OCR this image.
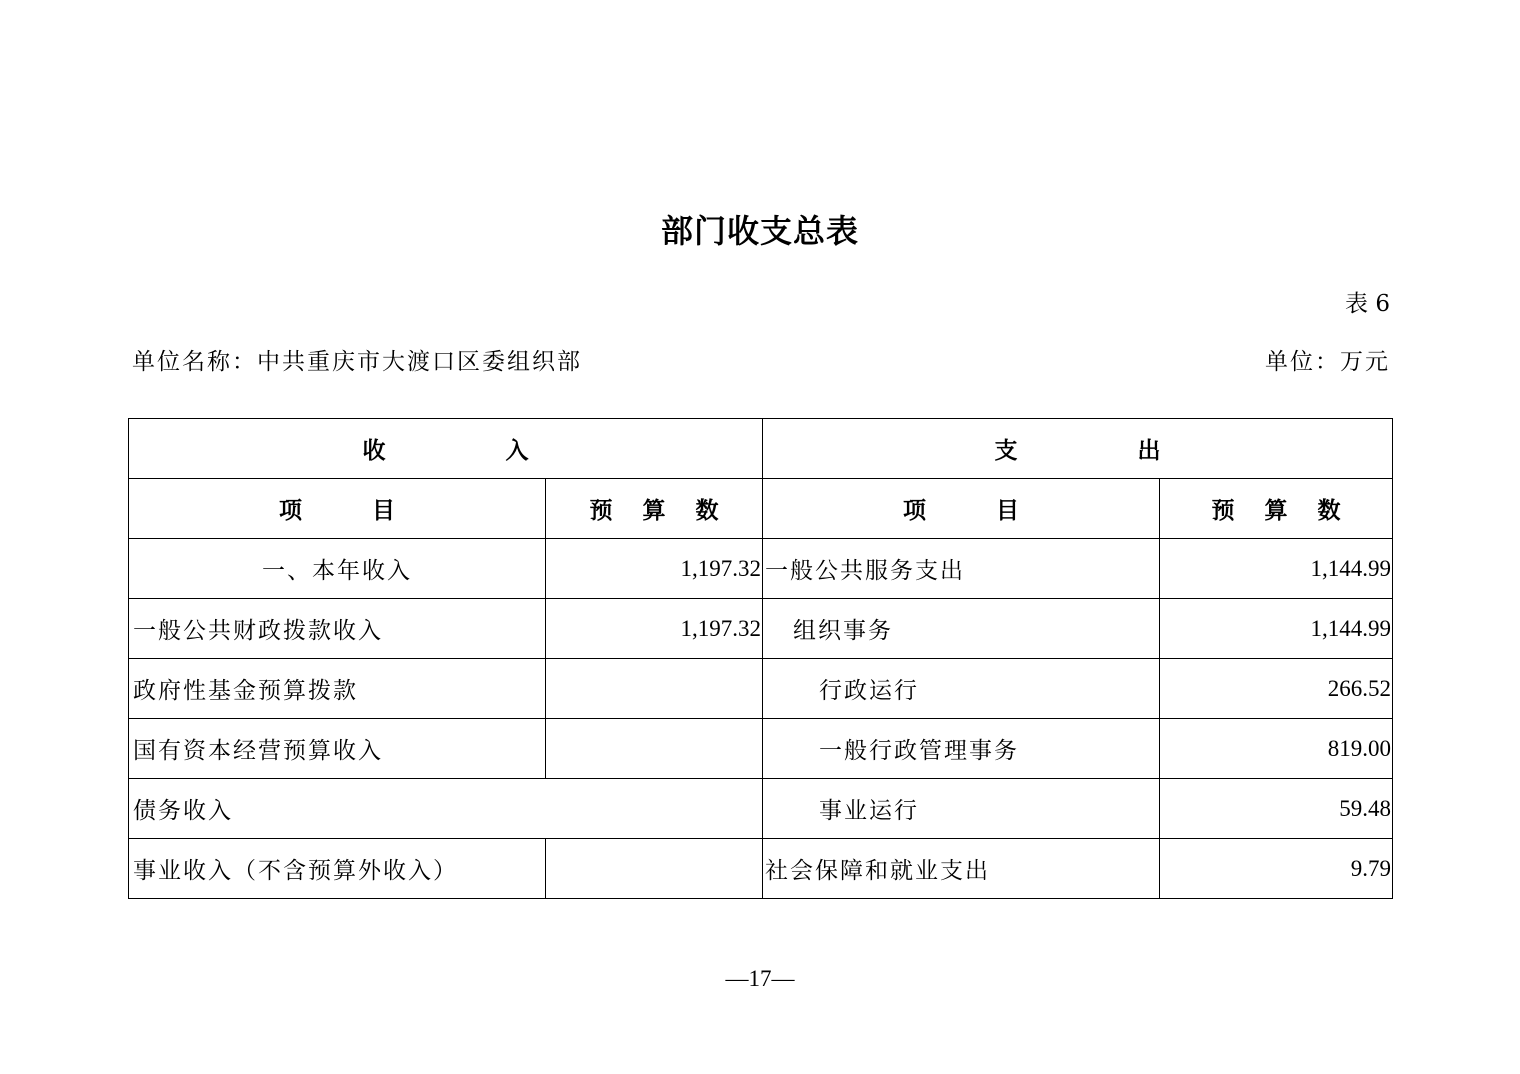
部门收支总表
表 6
单位名称：中共重庆市大渡口区委组织部	单位：万元
收 入		支 出	
项 目	预 算 数	项 目	预 算 数
一、本年收入	1,197.32	一般公共服务支出	1,144.99
一般公共财政拨款收入	1,197.32	组织事务	1,144.99
政府性基金预算拨款		行政运行	266.52
国有资本经营预算收入		一般行政管理事务	819.00
债务收入		事业运行	59.48
事业收入（不含预算外收入）		社会保障和就业支出	9.79
—17—
